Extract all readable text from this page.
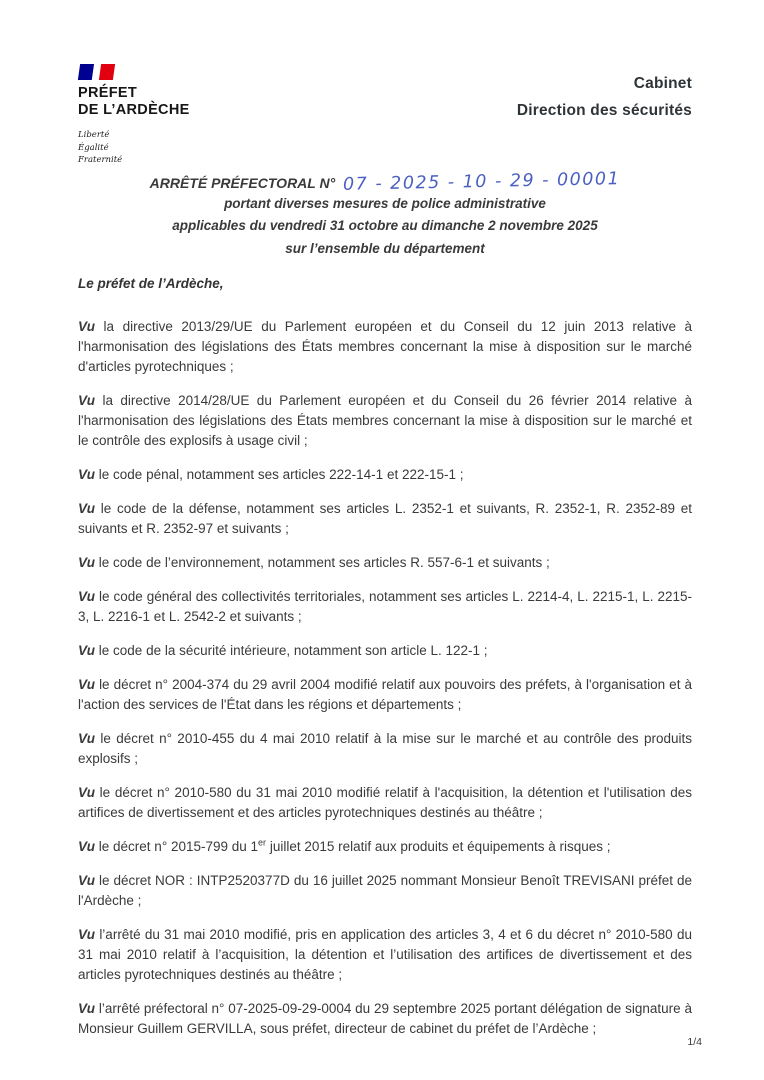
PRÉFET
DE L’ARDÈCHE
Liberté
Égalité
Fraternité
Cabinet
Direction des sécurités
ARRÊTÉ PRÉFECTORAL N° 07 - 2025 - 10 - 29 - 00001
portant diverses mesures de police administrative
applicables du vendredi 31 octobre au dimanche 2 novembre 2025
sur l’ensemble du département
Le préfet de l’Ardèche,

Vu la directive 2013/29/UE du Parlement européen et du Conseil du 12 juin 2013 relative à l'harmonisation des législations des États membres concernant la mise à disposition sur le marché d'articles pyrotechniques ;

Vu la directive 2014/28/UE du Parlement européen et du Conseil du 26 février 2014 relative à l'harmonisation des législations des États membres concernant la mise à disposition sur le marché et le contrôle des explosifs à usage civil ;

Vu le code pénal, notamment ses articles 222-14-1 et 222-15-1 ;

Vu le code de la défense, notamment ses articles L. 2352-1 et suivants, R. 2352-1, R. 2352-89 et suivants et R. 2352-97 et suivants ;

Vu le code de l’environnement, notamment ses articles R. 557-6-1 et suivants ;

Vu le code général des collectivités territoriales, notamment ses articles L. 2214-4, L. 2215-1, L. 2215-3, L. 2216-1 et L. 2542-2 et suivants ;

Vu le code de la sécurité intérieure, notamment son article L. 122-1 ;

Vu le décret n° 2004-374 du 29 avril 2004 modifié relatif aux pouvoirs des préfets, à l'organisation et à l'action des services de l'État dans les régions et départements ;

Vu le décret n° 2010-455 du 4 mai 2010 relatif à la mise sur le marché et au contrôle des produits explosifs ;

Vu le décret n° 2010-580 du 31 mai 2010 modifié relatif à l'acquisition, la détention et l'utilisation des artifices de divertissement et des articles pyrotechniques destinés au théâtre ;

Vu le décret n° 2015-799 du 1er juillet 2015 relatif aux produits et équipements à risques ;

Vu le décret NOR : INTP2520377D du 16 juillet 2025 nommant Monsieur Benoît TREVISANI préfet de l'Ardèche ;

Vu l’arrêté du 31 mai 2010 modifié, pris en application des articles 3, 4 et 6 du décret n° 2010-580 du 31 mai 2010 relatif à l’acquisition, la détention et l’utilisation des artifices de divertissement et des articles pyrotechniques destinés au théâtre ;

Vu l’arrêté préfectoral n° 07-2025-09-29-0004 du 29 septembre 2025 portant délégation de signature à Monsieur Guillem GERVILLA, sous préfet, directeur de cabinet du préfet de l’Ardèche ;

1/4
